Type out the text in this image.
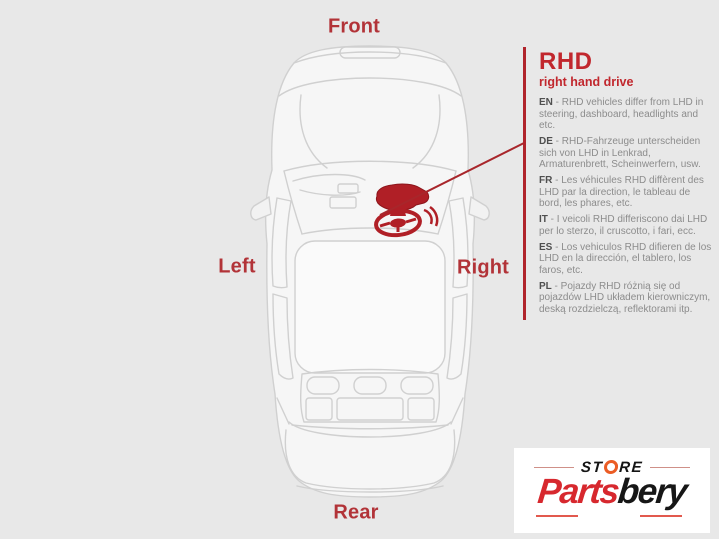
Front
Left	Right
Rear
RHD
right hand drive

EN - RHD vehicles differ from LHD in steering, dashboard, headlights and etc.

DE - RHD-Fahrzeuge unterscheiden sich von LHD in Lenkrad, Armaturenbrett, Scheinwerfern, usw.

FR - Les véhicules RHD diffèrent des LHD par la direction, le tableau de bord, les phares, etc.

IT - I veicoli RHD differiscono dai LHD per lo sterzo, il cruscotto, i fari, ecc.

ES - Los vehiculos RHD difieren de los LHD en la dirección, el tablero, los faros, etc.

PL - Pojazdy RHD różnią się od pojazdów LHD układem kierowniczym, deską rozdzielczą, reflektorami itp.

ST RE
Partsbery
